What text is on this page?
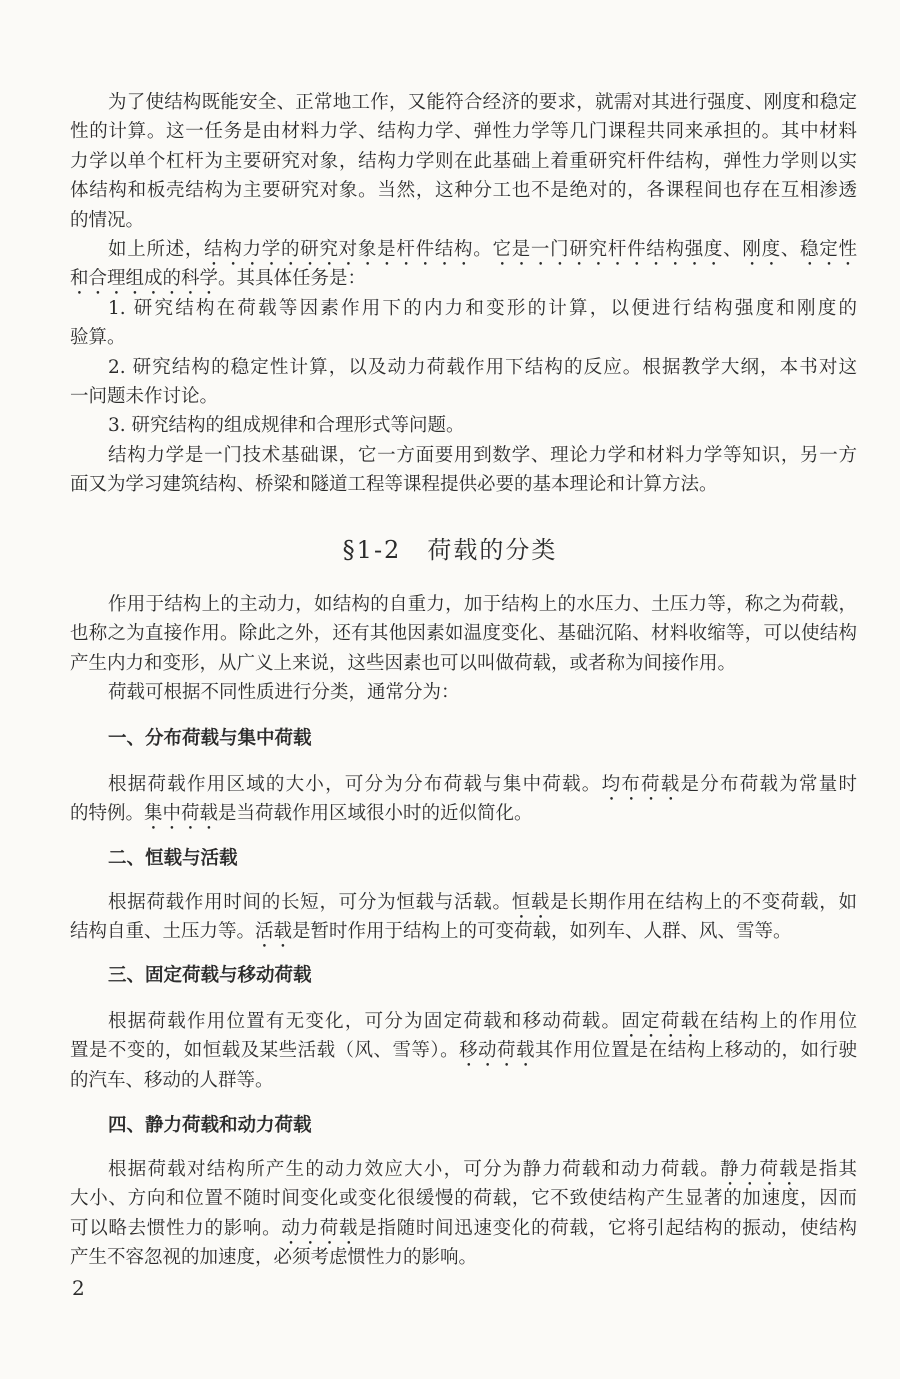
§1-2　荷载的分类
为了使结构既能安全、正常地工作，又能符合经济的要求，就需对其进行强度、刚度和稳定
性的计算。这一任务是由材料力学、结构力学、弹性力学等几门课程共同来承担的。其中材料
力学以单个杠杆为主要研究对象，结构力学则在此基础上着重研究杆件结构，弹性力学则以实
体结构和板壳结构为主要研究对象。当然，这种分工也不是绝对的，各课程间也存在互相渗透
的情况。
如上所述，结构力学的研究对象是杆件结构。它是一门研究杆件结构强度、刚度、稳定性
和合理组成的科学。其具体任务是：
1. 研究结构在荷载等因素作用下的内力和变形的计算，以便进行结构强度和刚度的
验算。
2. 研究结构的稳定性计算，以及动力荷载作用下结构的反应。根据教学大纲，本书对这
一问题未作讨论。
3. 研究结构的组成规律和合理形式等问题。
结构力学是一门技术基础课，它一方面要用到数学、理论力学和材料力学等知识，另一方
面又为学习建筑结构、桥梁和隧道工程等课程提供必要的基本理论和计算方法。
作用于结构上的主动力，如结构的自重力，加于结构上的水压力、土压力等，称之为荷载，
也称之为直接作用。除此之外，还有其他因素如温度变化、基础沉陷、材料收缩等，可以使结构
产生内力和变形，从广义上来说，这些因素也可以叫做荷载，或者称为间接作用。
荷载可根据不同性质进行分类，通常分为：
一、分布荷载与集中荷载
根据荷载作用区域的大小，可分为分布荷载与集中荷载。均布荷载是分布荷载为常量时
的特例。集中荷载是当荷载作用区域很小时的近似简化。
二、恒载与活载
根据荷载作用时间的长短，可分为恒载与活载。恒载是长期作用在结构上的不变荷载，如
结构自重、土压力等。活载是暂时作用于结构上的可变荷载，如列车、人群、风、雪等。
三、固定荷载与移动荷载
根据荷载作用位置有无变化，可分为固定荷载和移动荷载。固定荷载在结构上的作用位
置是不变的，如恒载及某些活载（风、雪等）。移动荷载其作用位置是在结构上移动的，如行驶
的汽车、移动的人群等。
四、静力荷载和动力荷载
根据荷载对结构所产生的动力效应大小，可分为静力荷载和动力荷载。静力荷载是指其
大小、方向和位置不随时间变化或变化很缓慢的荷载，它不致使结构产生显著的加速度，因而
可以略去惯性力的影响。动力荷载是指随时间迅速变化的荷载，它将引起结构的振动，使结构
产生不容忽视的加速度，必须考虑惯性力的影响。
2
